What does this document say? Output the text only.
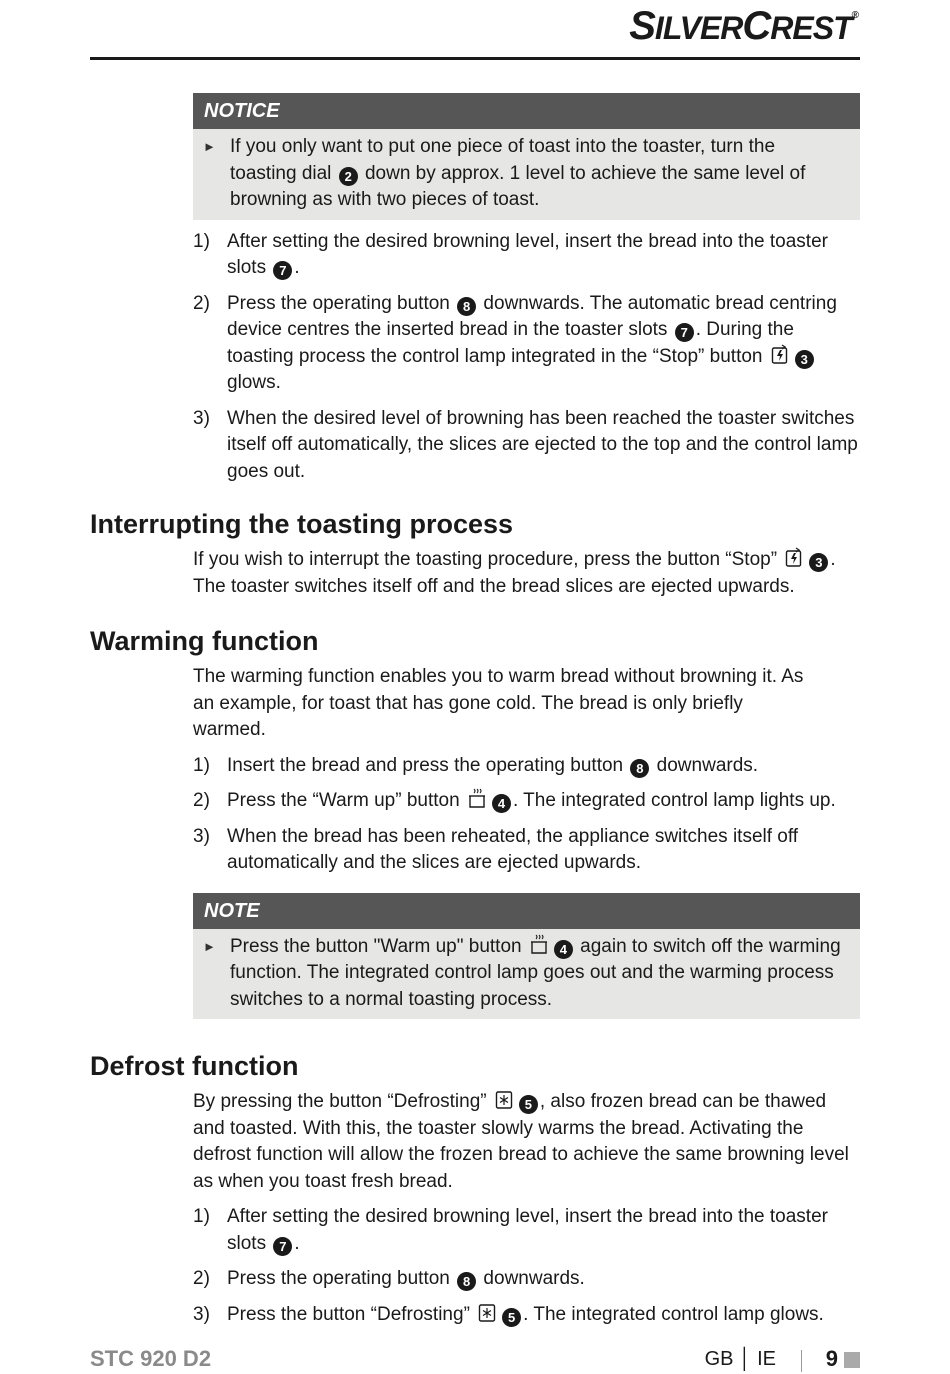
SILVERCREST®
NOTICE
► If you only want to put one piece of toast into the toaster, turn the toasting dial 2 down by approx. 1 level to achieve the same level of browning as with two pieces of toast.
1) After setting the desired browning level, insert the bread into the toaster slots 7 .
2) Press the operating button 8 downwards. The automatic bread centring device centres the inserted bread in the toaster slots 7 . During the toasting process the control lamp integrated in the “Stop” button	3 glows.
3) When the desired level of browning has been reached the toaster switches itself off automatically, the slices are ejected to the top and the control lamp goes out.
Interrupting the toasting process

If you wish to interrupt the toasting procedure, press the button “Stop”	3 . The toaster switches itself off and the bread slices are ejected upwards.

Warming function

The warming function enables you to warm bread without browning it. As an example, for toast that has gone cold. The bread is only briefly warmed.

1) Insert the bread and press the operating button 8 downwards.
2) Press the “Warm up” button	4 . The integrated control lamp lights up.
3) When the bread has been reheated, the appliance switches itself off automatically and the slices are ejected upwards.
NOTE
► Press the button "Warm up" button	4 again to switch off the warming function. The integrated control lamp goes out and the warming process switches to a normal toasting process.
Defrost function

By pressing the button “Defrosting”	5 , also frozen bread can be thawed and toasted. With this, the toaster slowly warms the bread. Activating the defrost function will allow the frozen bread to achieve the same browning level as when you toast fresh bread.

1) After setting the desired browning level, insert the bread into the toaster slots 7 .
2) Press the operating button 8 downwards.
3) Press the button “Defrosting”	5 . The integrated control lamp glows.
STC 920 D2	GB │ IE 9
